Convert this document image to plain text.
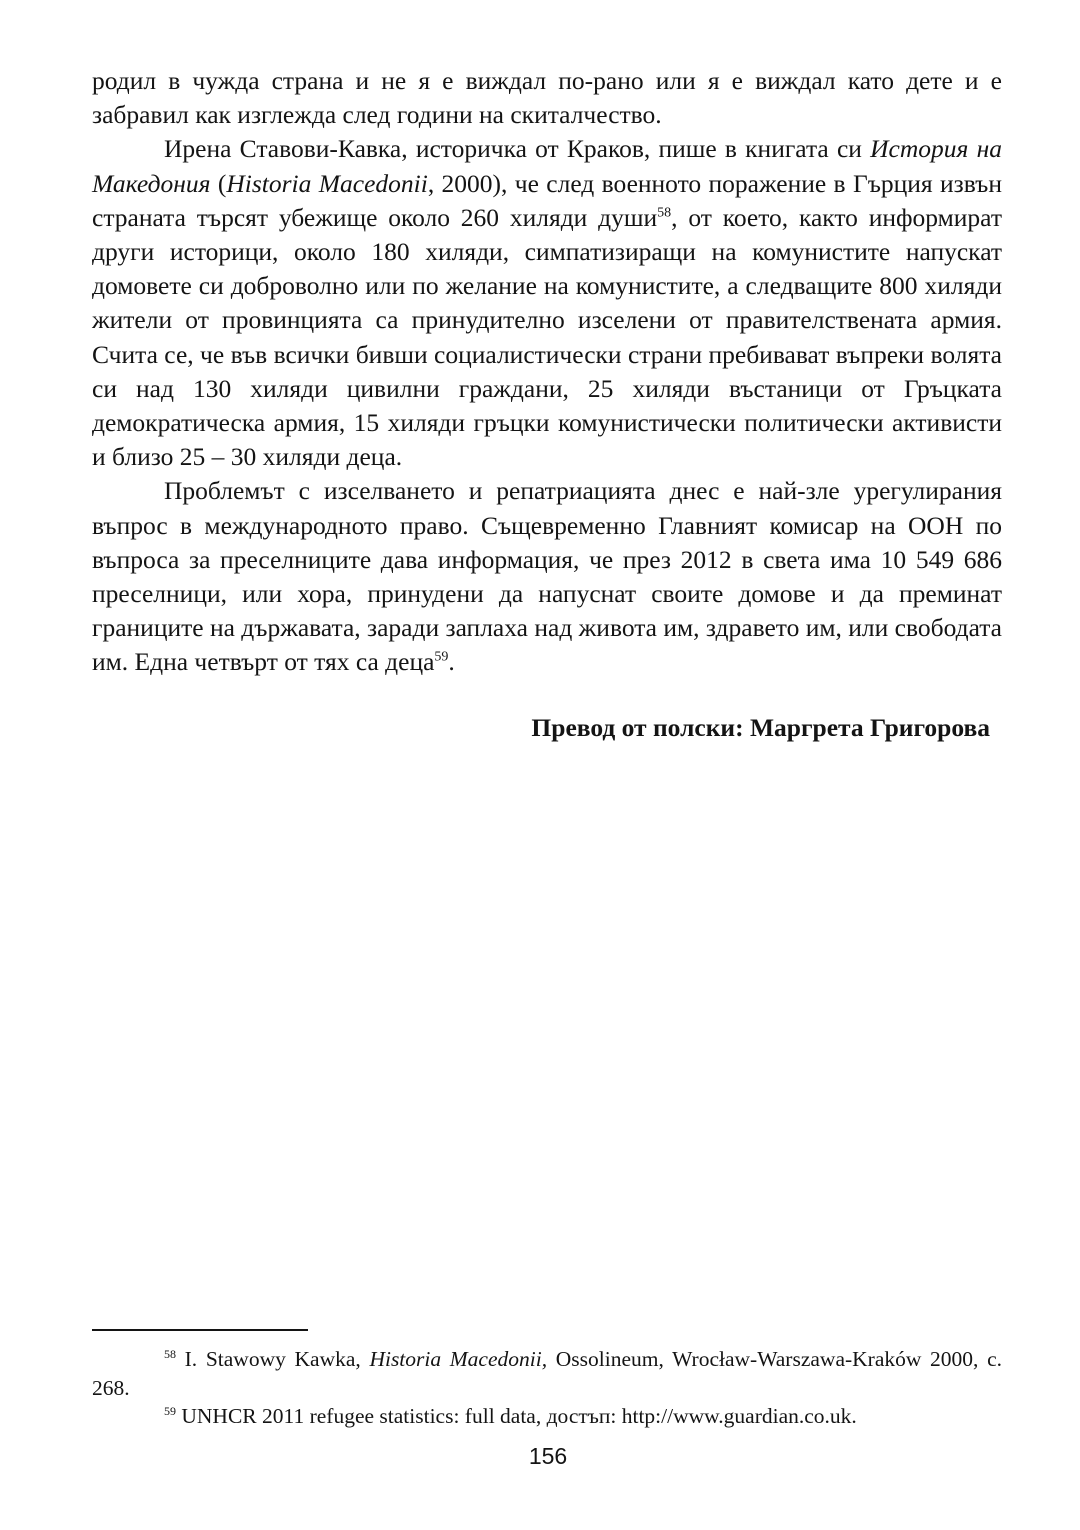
родил в чужда страна и не я е виждал по-рано или я е виждал като дете и е забравил как изглежда след години на скиталчество.

Ирена Ставови-Кавка, историчка от Краков, пише в книгата си История на Македония (Historia Macedonii, 2000), че след военното поражение в Гърция извън страната търсят убежище около 260 хиляди души$^{58}$, от което, както информират други историци, около 180 хиляди, симпатизиращи на комунистите напускат домовете си доброволно или по желание на комунистите, а следващите 800 хиляди жители от провинцията са принудително изселени от правителствената армия. Счита се, че във всички бивши социалистически страни пребивават въпреки волята си над 130 хиляди цивилни граждани, 25 хиляди въстаници от Гръцката демократическа армия, 15 хиляди гръцки комунистически политически активисти и близо 25 – 30 хиляди деца.

Проблемът с изселването и репатриацията днес е най-зле урегулирания въпрос в международното право. Същевременно Главният комисар на ООН по въпроса за преселниците дава информация, че през 2012 в света има 10 549 686 преселници, или хора, принудени да напуснат своите домове и да преминат границите на държавата, заради заплаха над живота им, здравето им, или свободата им. Една четвърт от тях са деца$^{59}$.

Превод от полски: Маргрета Григорова

$^{58}$ I. Stawowy Kawka, Historia Macedonii, Ossolineum, Wrocław-Warszawa-Kraków 2000, с. 268.

$^{59}$ UNHCR 2011 refugee statistics: full data, достъп: http://www.guardian.co.uk.

156
